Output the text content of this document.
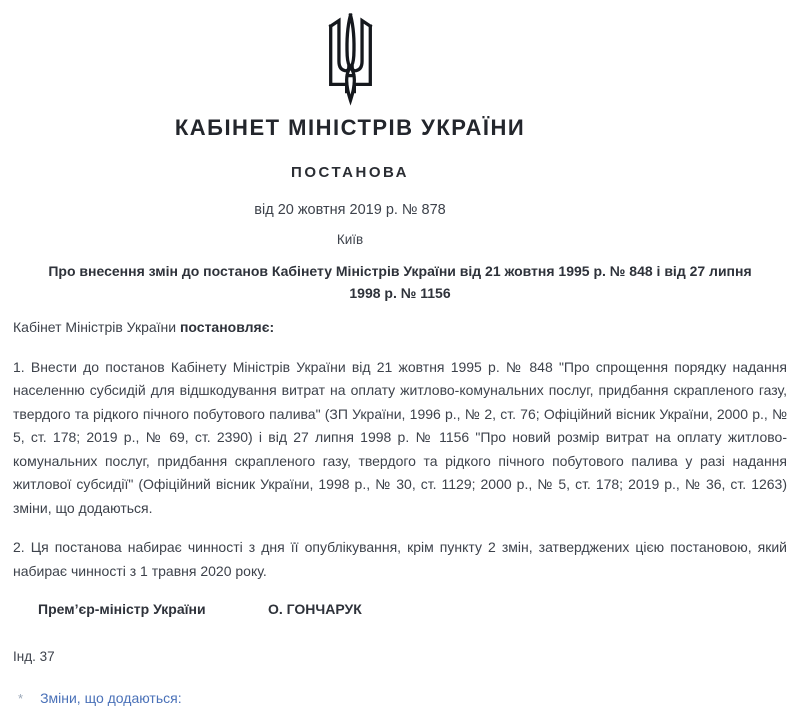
КАБІНЕТ МІНІСТРІВ УКРАЇНИ
ПОСТАНОВА
від 20 жовтня 2019 р. № 878
Київ
Про внесення змін до постанов Кабінету Міністрів України від 21 жовтня 1995 р. № 848 і від 27 липня 1998 р. № 1156
Кабінет Міністрів України постановляє:
1. Внести до постанов Кабінету Міністрів України від 21 жовтня 1995 р. № 848 "Про спрощення порядку надання населенню субсидій для відшкодування витрат на оплату житлово-комунальних послуг, придбання скрапленого газу, твердого та рідкого пічного побутового палива" (ЗП України, 1996 р., № 2, ст. 76; Офіційний вісник України, 2000 р., № 5, ст. 178; 2019 р., № 69, ст. 2390) і від 27 липня 1998 р. № 1156 "Про новий розмір витрат на оплату житлово-комунальних послуг, придбання скрапленого газу, твердого та рідкого пічного побутового палива у разі надання житлової субсидії" (Офіційний вісник України, 1998 р., № 30, ст. 1129; 2000 р., № 5, ст. 178; 2019 р., № 36, ст. 1263) зміни, що додаються.
2. Ця постанова набирає чинності з дня її опублікування, крім пункту 2 змін, затверджених цією постановою, який набирає чинності з 1 травня 2020 року.
Прем’єр-міністр України	О. ГОНЧАРУК
Інд. 37
* Зміни, що додаються:
